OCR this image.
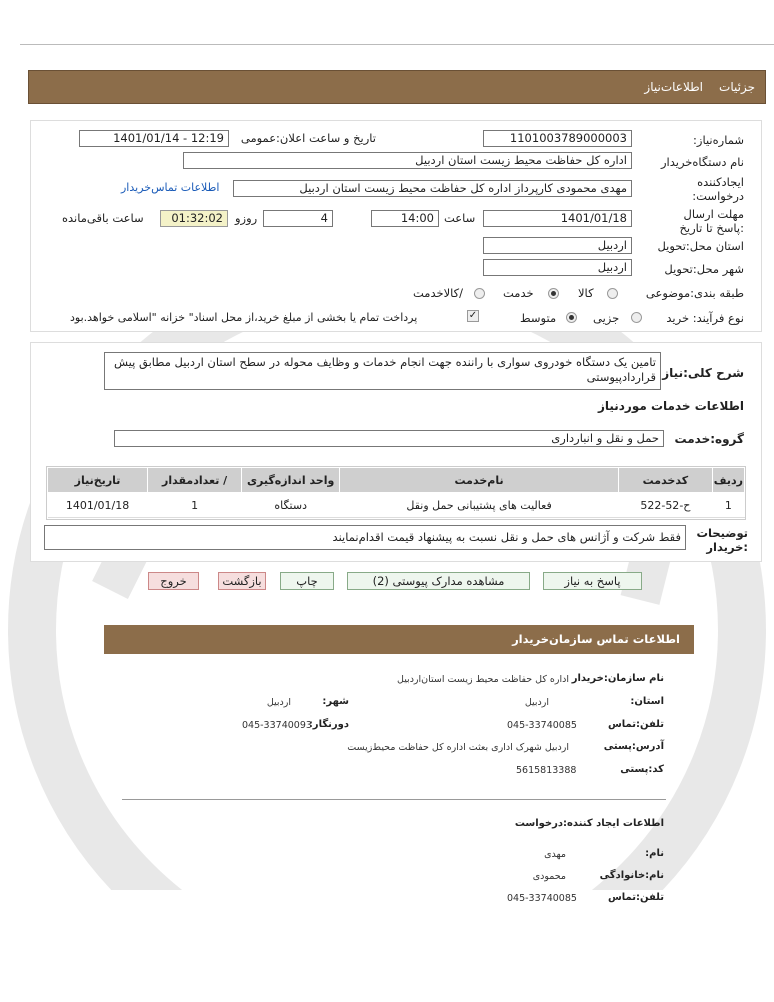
جزئیات
اطلاعات‌نیاز
شماره‌نیاز:
1101003789000003
تاریخ و ساعت اعلان:عمومی
1401/01/14 - 12:19
نام دستگاه‌خریدار
اداره کل حفاظت محیط زیست استان اردبیل
ایجادکننده درخواست:
مهدی محمودی کارپرداز اداره کل حفاظت محیط زیست استان اردبیل
اطلاعات تماس‌خریدار
مهلت ارسال :پاسخ تا تاریخ
1401/01/18
ساعت
14:00
4
روزو
01:32:02
ساعت باقی‌مانده
استان محل:تحویل
اردبیل
شهر محل:تحویل
اردبیل
طبقه بندی:موضوعی
کالا
خدمت
/کالاخدمت
نوع فرآیند: خرید
جزیی
متوسط
✓
پرداخت تمام یا بخشی از مبلغ خرید،از محل اسناد" خزانه "اسلامی خواهد.بود
شرح کلی:نیاز
تامین یک دستگاه خودروی سواری با راننده جهت انجام خدمات و وظایف محوله در سطح استان اردبیل مطابق پیش قراردادپیوستی
اطلاعات خدمات موردنیاز
گروه:خدمت
حمل و نقل و انبارداری
ردیف	کدخدمت	نام‌خدمت	واحد اندازه‌گیری	/ تعدادمقدار	تاریخ‌نیاز
1	ح-52-522	فعالیت های پشتیبانی حمل ونقل	دستگاه	1	1401/01/18
توضیحات :خریدار
فقط شرکت و آژانس های حمل و نقل نسبت به پیشنهاد قیمت اقدام‌نمایند
پاسخ به نیاز
مشاهده مدارک پیوستی (2)
چاپ
بازگشت
خروج
اطلاعات تماس سازمان‌خریدار
نام سازمان:خریدار
اداره کل حفاظت محیط زیست استان‌اردبیل
استان:
اردبیل
شهر:
اردبیل
تلفن:تماس
045-33740085
دورنگار:
045-33740093
آدرس:پستی
اردبیل شهرک اداری بعثت اداره کل حفاظت محیط‌زیست
کد:پستی
5615813388
اطلاعات ایجاد کننده:درخواست
نام:
مهدی
نام:خانوادگی
محمودی
تلفن:تماس
045-33740085
